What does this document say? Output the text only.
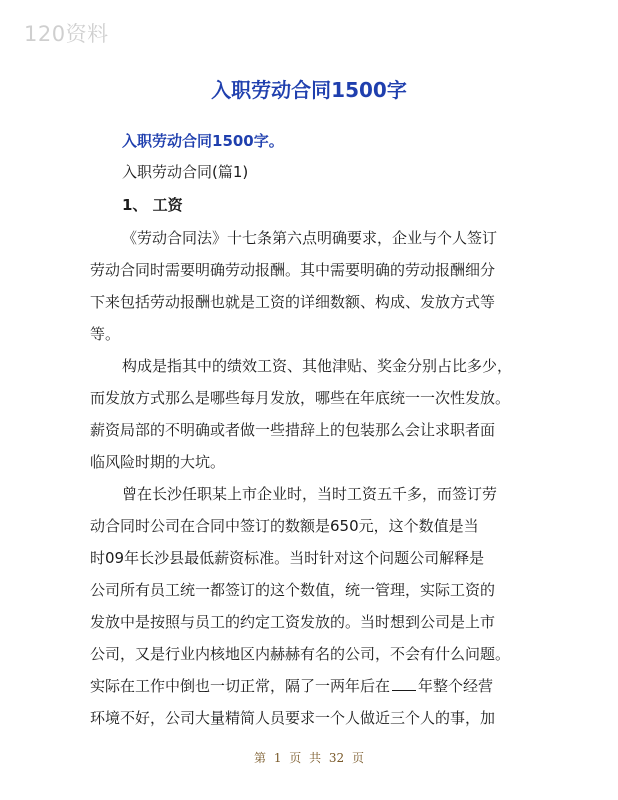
120资料
入职劳动合同1500字
入职劳动合同1500字。
入职劳动合同(篇1)
1、 工资
《劳动合同法》十七条第六点明确要求，企业与个人签订
劳动合同时需要明确劳动报酬。其中需要明确的劳动报酬细分
下来包括劳动报酬也就是工资的详细数额、构成、发放方式等
等。
构成是指其中的绩效工资、其他津贴、奖金分别占比多少，
而发放方式那么是哪些每月发放，哪些在年底统一一次性发放。
薪资局部的不明确或者做一些措辞上的包装那么会让求职者面
临风险时期的大坑。
曾在长沙任职某上市企业时，当时工资五千多，而签订劳
动合同时公司在合同中签订的数额是650元，这个数值是当
时09年长沙县最低薪资标准。当时针对这个问题公司解释是
公司所有员工统一都签订的这个数值，统一管理，实际工资的
发放中是按照与员工的约定工资发放的。当时想到公司是上市
公司，又是行业内核地区内赫赫有名的公司，不会有什么问题。
实际在工作中倒也一切正常，隔了一两年后在 年整个经营
环境不好，公司大量精简人员要求一个人做近三个人的事，加
第 1 页 共 32 页
